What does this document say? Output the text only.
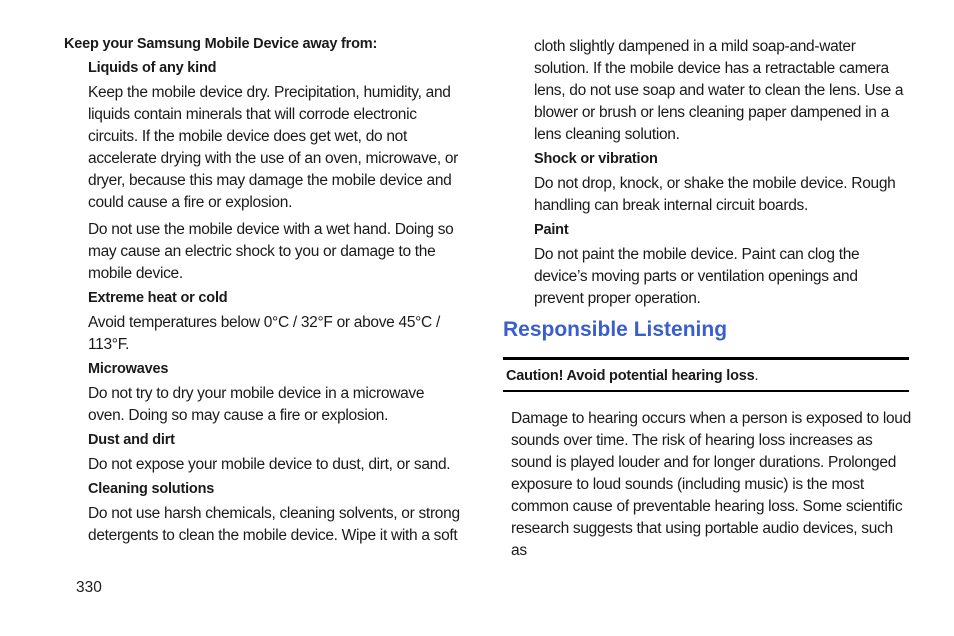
Keep your Samsung Mobile Device away from:
Liquids of any kind
Keep the mobile device dry. Precipitation, humidity, and liquids contain minerals that will corrode electronic circuits. If the mobile device does get wet, do not accelerate drying with the use of an oven, microwave, or dryer, because this may damage the mobile device and could cause a fire or explosion.
Do not use the mobile device with a wet hand. Doing so may cause an electric shock to you or damage to the mobile device.
Extreme heat or cold
Avoid temperatures below 0°C / 32°F or above 45°C / 113°F.
Microwaves
Do not try to dry your mobile device in a microwave oven. Doing so may cause a fire or explosion.
Dust and dirt
Do not expose your mobile device to dust, dirt, or sand.
Cleaning solutions
Do not use harsh chemicals, cleaning solvents, or strong detergents to clean the mobile device. Wipe it with a soft
330
cloth slightly dampened in a mild soap-and-water solution. If the mobile device has a retractable camera lens, do not use soap and water to clean the lens. Use a blower or brush or lens cleaning paper dampened in a lens cleaning solution.
Shock or vibration
Do not drop, knock, or shake the mobile device. Rough handling can break internal circuit boards.
Paint
Do not paint the mobile device. Paint can clog the device’s moving parts or ventilation openings and prevent proper operation.
Responsible Listening
Caution! Avoid potential hearing loss.
Damage to hearing occurs when a person is exposed to loud sounds over time. The risk of hearing loss increases as sound is played louder and for longer durations. Prolonged exposure to loud sounds (including music) is the most common cause of preventable hearing loss. Some scientific research suggests that using portable audio devices, such as
